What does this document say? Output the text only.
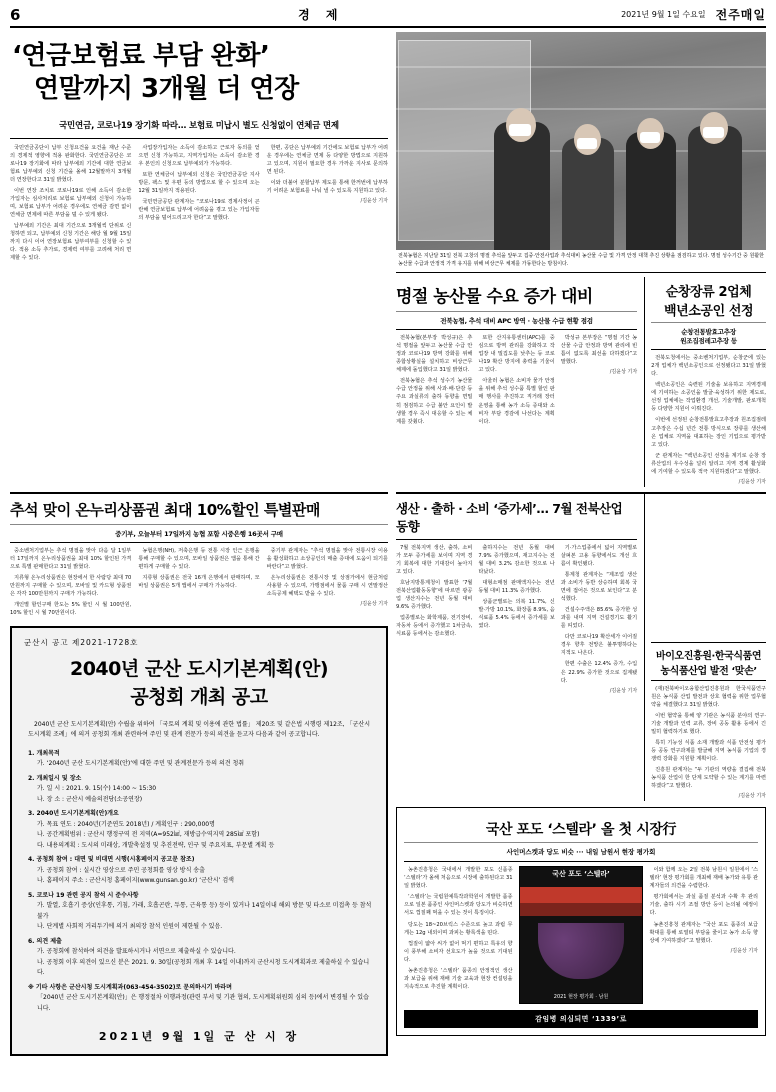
6	경 제	2021년 9월 1일 수요일 전주매일
‘연금보험료 부담 완화’
연말까지 3개월 더 연장
국민연금, 코로나19 장기화 따라… 보험료 미납시 별도 신청없이 연체금 면제

국민연금공단이 납부 신청요건을 요건을 재난 수준의 경제적 영향에 적용 완화한다. 국민연금공단은 코로나19 장기화에 따라 납부예외 기간에 대한 연금보험료 납부예외 신청 기간을 올해 12월말까지 3개월 더 연장한다고 31일 밝혔다.

이번 연장 조치로 코로나19로 인해 소득이 감소한 가입자는 심사처리로 보험료 납부예외 신청이 가능하며, 보험료 납부가 어려운 경우에도 연체금 감면 없이 연체금 면제에 따른 부담을 덜 수 있게 됐다.

납부예외 기간은 최대 기간으로 3개월씩 단위로 신청하면 되고, 납부예외 신청 기간은 해당 월 9월 15일까지 다시 이어 연장보험료 납부여부를 신청할 수 있다. 적용 소득 추가로, 경제력 여부를 고려해 처리 면제할 수 있다.

사업장가입자는 소득이 감소하고 근로자 동의를 얻으면 신청 가능하고, 지역가입자는 소득이 감소한 경우 본인의 신청으로 납부예외가 가능하다.

또한 연체금이 납부예외 신청은 국민연금공단 지사 방문, 팩스 및 우편 등의 방법으로 할 수 있으며 오는 12월 31일까지 적용된다.

국민연금공단 관계자는 “코로나19로 경제사정이 곤란해 연금보험료 납부에 어려움을 겪고 있는 가입자들의 부담을 덜어드리고자 한다”고 말했다.

한편, 공단은 납부예외 기간에도 보험료 납부가 어려운 경우에는 연체금 면제 등 다양한 방법으로 지원하고 있으며, 지원이 필요한 경우 가까운 지사로 문의하면 된다.

이와 더불어 분할납부 제도를 통해 한꺼번에 납부하기 어려운 보험료를 나눠 낼 수 있도록 지원하고 있다.

/김윤상 기자
전북농협은 지난달 31일 전북 고창의 명절 추석을 앞두고 집중·안전사업과 추석대비 농산물 수급 및 가격 안정 대책 추진 상황을 점검하고 있다. 명절 성수기간 중 원활한 농산물 수급과 안정적 가격 유지를 위해 비상근무 체제를 가동한다는 방침이다.
명절 농산물 수요 증가 대비
전북농협, 추석 대비 APC 방역 · 농산물 수급 현황 점검

전북농협(본부장 박성규)은 추석 명절을 앞두고 농산물 수급 안정과 코로나19 방역 강화를 위해 종합상황실을 설치하고 비상근무 체제에 돌입했다고 31일 밝혔다.

전북농협은 추석 성수기 농산물 수급 안정을 위해 사과·배·단감 등 주요 과실류의 출하 동향을 면밀히 점검하고 수급 불안 요인이 발생할 경우 즉시 대응할 수 있는 체계를 갖췄다.

또한 산지유통센터(APC)를 중심으로 방역 관리를 강화하고 작업장 내 밀집도를 낮추는 등 코로나19 확산 방지에 총력을 기울이고 있다.

아울러 농협은 소비자 물가 안정을 위해 추석 성수품 특별 할인 판매 행사를 추진하고 직거래 장터 운영을 통해 농가 소득 증대와 소비자 부담 경감에 나선다는 계획이다.

박성규 본부장은 “명절 기간 농산물 수급 안정과 방역 관리에 빈틈이 없도록 최선을 다하겠다”고 말했다.

/김윤상 기자
순창장류 2업체
백년소공인 선정
순창전통발효고추장
원조집점레고추장 등

전북도청에서는 중소벤처기업부, 순창군에 있는 2개 업체가 백년소공인으로 선정됐다고 31일 밝혔다.

백년소공인은 숙련된 기술을 보유하고 지역경제에 기여하는 소공인을 발굴·육성하기 위한 제도로, 선정 업체에는 작업환경 개선, 기술개발, 판로개척 등 다양한 지원이 이뤄진다.

이번에 선정된 순창전통발효고추장과 원조집점레고추장은 수십 년간 전통 방식으로 장류를 생산해온 업체로 지역을 대표하는 장인 기업으로 평가받고 있다.

군 관계자는 “백년소공인 선정을 계기로 순창 장류산업의 우수성을 널리 알리고 지역 경제 활성화에 기여할 수 있도록 적극 지원하겠다”고 말했다.

/김윤상 기자
추석 맞이 온누리상품권 최대 10%할인 특별판매
중기부, 오늘부터 17일까지 농협 포함 시중은행 16곳서 구매

중소벤처기업부는 추석 명절을 맞아 다음 달 1일부터 17일까지 온누리상품권을 최대 10% 할인된 가격으로 특별 판매한다고 31일 밝혔다.

지류형 온누리상품권은 현장에서 한 사람당 최대 70만원까지 구매할 수 있으며, 모바일 및 카드형 상품권은 각각 100만원까지 구매가 가능하다.

개인별 할인구매 한도는 5% 할인 시 월 100만원, 10% 할인 시 월 70만원이다.

농협은행(NH), 저축은행 등 전통 시장 인근 은행을 통해 구매할 수 있으며, 모바일 상품권은 앱을 통해 간편하게 구매할 수 있다.

지류형 상품권은 전국 16개 은행에서 판매하며, 모바일 상품권은 5개 앱에서 구매가 가능하다.

중기부 관계자는 “추석 명절을 맞아 전통시장 이용을 활성화하고 소상공인의 매출 증대에 도움이 되기를 바란다”고 밝혔다.

온누리상품권은 전통시장 및 상점가에서 현금처럼 사용할 수 있으며, 가맹점에서 물품 구매 시 연말정산 소득공제 혜택도 받을 수 있다.

/김윤상 기자
군산시 공고 제2021-1728호
2040년 군산 도시기본계획(안)
공청회 개최 공고
2040년 군산 도시기본계획(안) 수립을 위하여 「국토의 계획 및 이용에 관한 법률」 제20조 및 같은법 시행령 제12조, 「군산시 도시계획 조례」에 의거 공청회 개최 관련하여 주민 및 관계 전문가 등의 의견을 듣고자 다음과 같이 공고합니다.
1. 개최목적
가. ‘2040년 군산 도시기본계획(안)’에 대한 주민 및 관계전문가 등의 의견 청취
2. 개최일시 및 장소
가. 일 시 : 2021. 9. 15(수) 14:00 ~ 15:30
나. 장 소 : 군산시 예술의전당(소공연장)
3. 2040년 도시기본계획(안)개요
가. 목표 연도 : 2040년(기준연도 2018년) / 계획인구 : 290,000명
나. 공간계획범위 : 군산시 행정구역 전 지역(A=952㎢, 재방급수역지역 285㎢ 포함)
다. 내용의계획 : 도시의 미래상, 개발축설정 및 추진전략, 인구 및 주요지표, 부문별 계획 등
4. 공청회 참여 : 대면 및 비대면 시행(시홍페이지 공고문 참조)
가. 공청회 참여 : 실시간 영상으로 주민 공청회를 영상 방식 송출
나. 홈페이지 주소 : 군산시청 홈페이지(www.gunsan.go.kr) ‘군산시’ 검색
5. 코로나 19 관련 공지 참석 시 준수사항
가. 발열, 호흡기 증상(인후통, 기침, 가래, 호흡곤란, 두통, 근육통 등) 등이 있거나 14일이내 해외 방문 및 타소로 미접촉 등 참석 불가
나. 단계별 사회적 거리두기에 의거 최의장 참석 인원이 제한될 수 있음.
6. 의견 제출
가. 공청회에 참석하여 의견을 발표하시거나 서면으로 제출하실 수 있습니다.
나. 공청회 이후 의견이 있으신 분은 2021. 9. 30일(공청회 개최 후 14일 이내)까지 군산시청 도시계획과로 제출하실 수 있습니다.
※ 기타 사항은 군산시청 도시계획과(063-454-3502)로 문의하시기 바라며
「2040년 군산 도시기본계획(안)」은 행정절차 이행과정(관련 부서 및 기관 협의, 도시계획위원회 심의 등)에서 변경될 수 있습니다.
2021년 9월 1일 군 산 시 장
생산 · 출하 · 소비 ‘증가세’… 7월 전북산업 동향

7월 전북지역 생산, 출하, 소비가 모두 증가세를 보이며 지역 경기 회복에 대한 기대감이 높아지고 있다.

호남지방통계청이 발표한 ‘7월 전북산업활동동향’에 따르면 광공업 생산지수는 전년 동월 대비 9.6% 증가했다.

업종별로는 화학제품, 전기장비, 자동차 등에서 증가했고 1차금속, 식료품 등에서는 감소했다.

출하지수는 전년 동월 대비 7.9% 증가했으며, 재고지수는 전월 대비 3.2% 감소한 것으로 나타났다.

대형소매점 판매액지수는 전년 동월 대비 11.3% 증가했다.

상품군별로는 의복 11.7%, 신발·가방 10.1%, 화장품 8.9%, 음식료품 5.4% 등에서 증가세를 보였다.

기·가스업종에서 넓어 지역별로 살펴본 고용 동향에서도 개선 흐름이 확인됐다.

통계청 관계자는 “제조업 생산과 소비가 동반 상승하며 회복 국면에 접어든 것으로 보인다”고 분석했다.

건설수주액은 85.6% 증가한 성과를 내며 지역 건설경기도 활기를 띠었다.

다만 코로나19 확산세가 이어질 경우 향후 전망은 불투명하다는 지적도 나온다.

한편 수출은 12.4% 증가, 수입은 22.9% 증가한 것으로 집계됐다.

/김윤상 기자
바이오진흥원·한국식품연
농식품산업 발전 ‘맞손’

(재)전북바이오융합산업진흥원과 한국식품연구원은 농식품 산업 발전과 상호 협력을 위한 업무협약을 체결했다고 31일 밝혔다.

이번 협약을 통해 양 기관은 농식품 분야의 연구·기술 개발과 인력 교류, 장비 공동 활용 등에서 긴밀히 협력하기로 했다.

특히 기능성 식품 소재 개발과 식품 안전성 평가 등 공동 연구과제를 발굴해 지역 농식품 기업의 경쟁력 강화를 지원할 계획이다.

진흥원 관계자는 “두 기관의 역량을 결집해 전북 농식품 산업이 한 단계 도약할 수 있는 계기를 마련하겠다”고 말했다.

/김윤상 기자
국산 포도 ‘스텔라’ 올 첫 시장行
사인머스켓과 당도 비슷 ··· 내일 남원서 현장 평가회

농촌진흥청은 국내에서 개발한 포도 신품종 ‘스텔라’가 올해 처음으로 시장에 출하된다고 31일 밝혔다.

‘스텔라’는 국립원예특작과학원이 개발한 품종으로 일본 품종인 샤인머스켓과 당도가 비슷하면서도 껍질째 먹을 수 있는 것이 특징이다.

당도는 18~20브릭스 수준으로 높고 과립 무게는 12g 내외이며 과피는 황록색을 띤다.

껍질이 얇아 씨가 없어 먹기 편하고 특유의 향이 풍부해 소비자 선호도가 높을 것으로 기대된다.

농촌진흥청은 ‘스텔라’ 품종의 안정적인 생산과 보급을 위해 재배 기술 교육과 현장 컨설팅을 지속적으로 추진할 계획이다.

국산 포도 ‘스텔라’
2021 현장 평가회 · 남원

이와 함께 오는 2일 전북 남원시 일원에서 ‘스텔라’ 현장 평가회를 개최해 재배 농가와 유통 관계자들의 의견을 수렴한다.

평가회에서는 과실 품질 분석과 수확 후 관리 기술, 출하 시기 조절 방안 등이 논의될 예정이다.

농촌진흥청 관계자는 “국산 포도 품종의 보급 확대를 통해 로열티 부담을 줄이고 농가 소득 향상에 기여하겠다”고 말했다.

/김윤상 기자
감임병 의심되면 ‘1339’로
